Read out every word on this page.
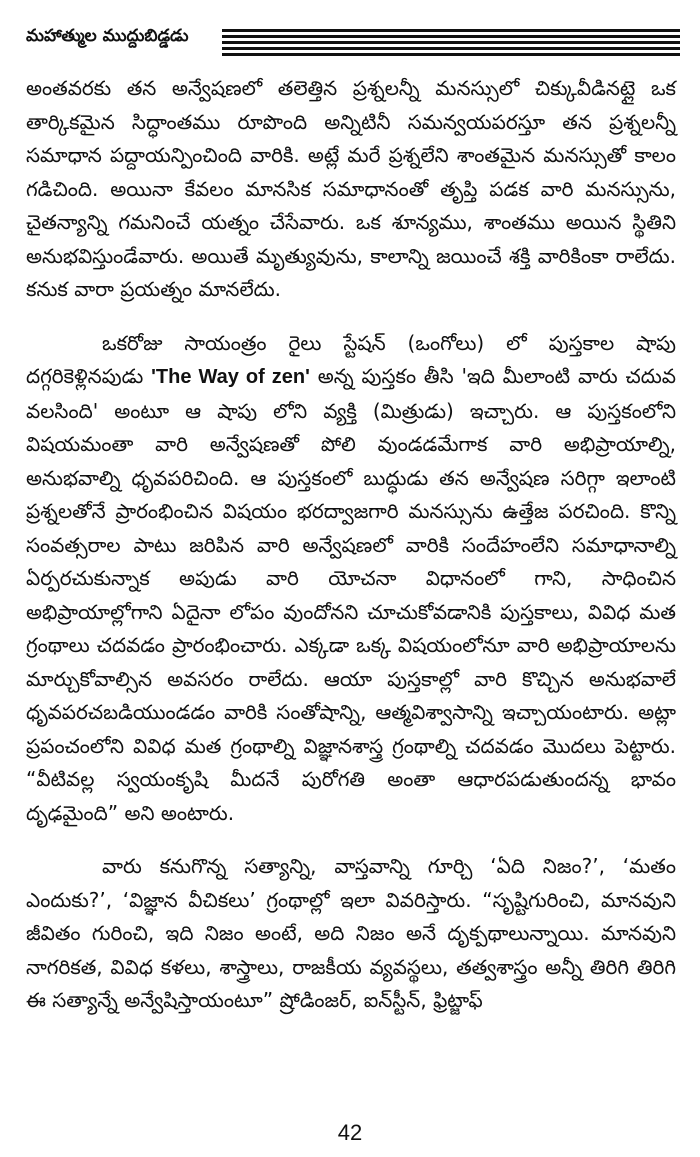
మహాత్ముల ముద్దుబిడ్డడు

అంతవరకు తన అన్వేషణలో తలెత్తిన ప్రశ్నలన్నీ మనస్సులో చిక్కువీడినట్లై ఒక తార్కికమైన సిద్ధాంతము రూపొంది అన్నిటినీ సమన్వయపరస్తూ తన ప్రశ్నలన్నీ సమాధాన పద్దాయన్పించింది వారికి. అట్లే మరే ప్రశ్నలేని శాంతమైన మనస్సుతో కాలం గడిచింది. అయినా కేవలం మానసిక సమాధానంతో తృప్తి పడక వారి మనస్సును, చైతన్యాన్ని గమనించే యత్నం చేసేవారు. ఒక శూన్యము, శాంతము అయిన స్థితిని అనుభవిస్తుండేవారు. అయితే మృత్యువును, కాలాన్ని జయించే శక్తి వారికింకా రాలేదు. కనుక వారా ప్రయత్నం మానలేదు.

ఒకరోజు సాయంత్రం రైలు స్టేషన్ (ఒంగోలు) లో పుస్తకాల షాపు దగ్గరికెళ్లినపుడు 'The Way of zen' అన్న పుస్తకం తీసి 'ఇది మీలాంటి వారు చదువ వలసింది' అంటూ ఆ షాపు లోని వ్యక్తి (మిత్రుడు) ఇచ్చారు. ఆ పుస్తకంలోని విషయమంతా వారి అన్వేషణతో పోలి వుండడమేగాక వారి అభిప్రాయాల్ని, అనుభవాల్ని ధృవపరిచింది. ఆ పుస్తకంలో బుద్ధుడు తన అన్వేషణ సరిగ్గా ఇలాంటి ప్రశ్నలతోనే ప్రారంభించిన విషయం భరద్వాజగారి మనస్సును ఉత్తేజ పరచింది. కొన్ని సంవత్సరాల పాటు జరిపిన వారి అన్వేషణలో వారికి సందేహంలేని సమాధానాల్ని ఏర్పరచుకున్నాక అపుడు వారి యోచనా విధానంలో గాని, సాధించిన అభిప్రాయాల్లోగాని ఏదైనా లోపం వుందోనని చూచుకోవడానికి పుస్తకాలు, వివిధ మత గ్రంథాలు చదవడం ప్రారంభించారు. ఎక్కడా ఒక్క విషయంలోనూ వారి అభిప్రాయాలను మార్చుకోవాల్సిన అవసరం రాలేదు. ఆయా పుస్తకాల్లో వారి కొచ్చిన అనుభవాలే ధృవపరచబడియుండడం వారికి సంతోషాన్ని, ఆత్మవిశ్వాసాన్ని ఇచ్చాయంటారు. అట్లా ప్రపంచంలోని వివిధ మత గ్రంథాల్ని విజ్ఞానశాస్త్ర గ్రంథాల్ని చదవడం మొదలు పెట్టారు. “వీటివల్ల స్వయంకృషి మీదనే పురోగతి అంతా ఆధారపడుతుందన్న భావం దృఢమైంది” అని అంటారు.

వారు కనుగొన్న సత్యాన్ని, వాస్తవాన్ని గూర్చి ‘ఏది నిజం?’, ‘మతం ఎందుకు?’, ‘విజ్ఞాన వీచికలు’ గ్రంథాల్లో ఇలా వివరిస్తారు. “సృష్టిగురించి, మానవుని జీవితం గురించి, ఇది నిజం అంటే, అది నిజం అనే దృక్పథాలున్నాయి. మానవుని నాగరికత, వివిధ కళలు, శాస్త్రాలు, రాజకీయ వ్యవస్థలు, తత్వశాస్త్రం అన్నీ తిరిగి తిరిగి ఈ సత్యాన్నే అన్వేషిస్తాయంటూ” ష్రోడింజర్, ఐన్‌స్టీన్, ఫ్రిట్జాఫ్

42
